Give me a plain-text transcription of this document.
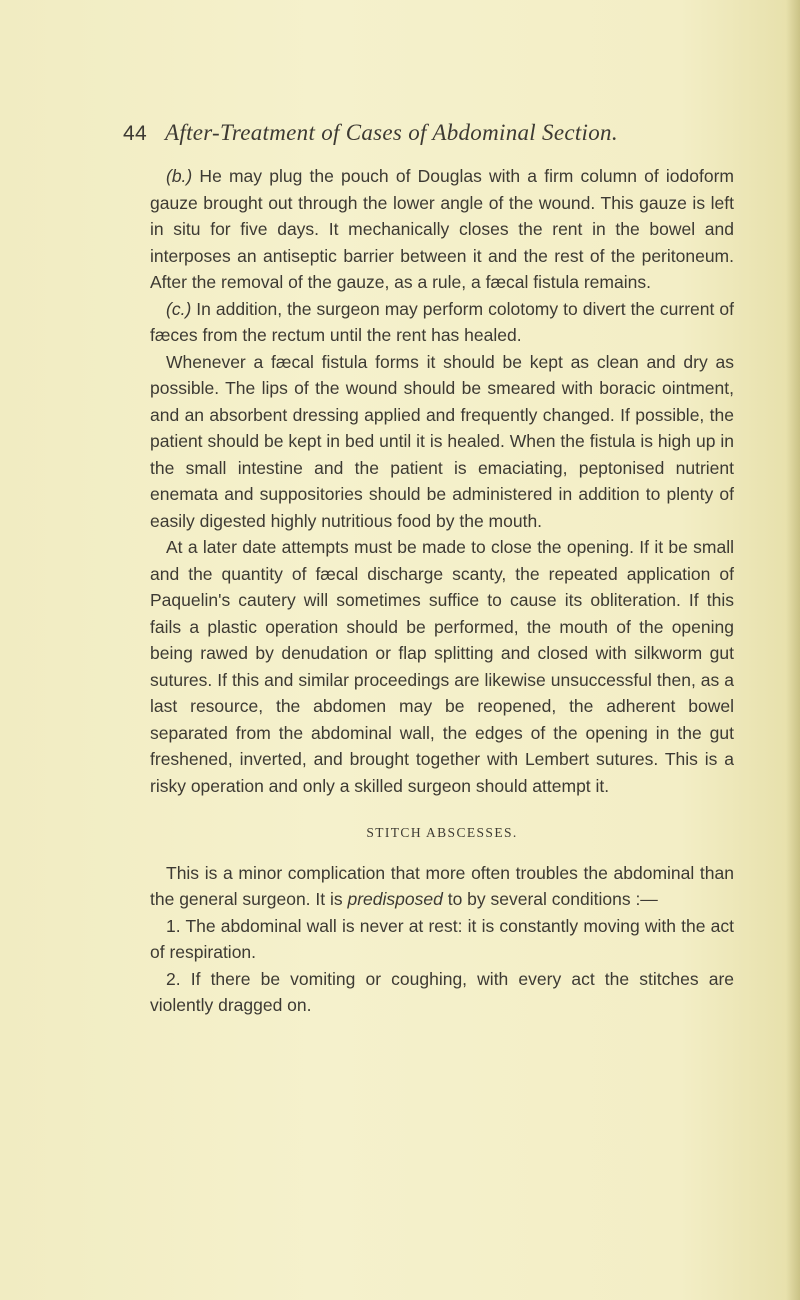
44 After-Treatment of Cases of Abdominal Section.

(b.) He may plug the pouch of Douglas with a firm column of iodoform gauze brought out through the lower angle of the wound. This gauze is left in situ for five days. It mechanically closes the rent in the bowel and interposes an antiseptic barrier between it and the rest of the peritoneum. After the removal of the gauze, as a rule, a fæcal fistula remains.

(c.) In addition, the surgeon may perform colotomy to divert the current of fæces from the rectum until the rent has healed.

Whenever a fæcal fistula forms it should be kept as clean and dry as possible. The lips of the wound should be smeared with boracic ointment, and an absorbent dressing applied and frequently changed. If possible, the patient should be kept in bed until it is healed. When the fistula is high up in the small intestine and the patient is emaciating, peptonised nutrient enemata and suppositories should be administered in addition to plenty of easily digested highly nutritious food by the mouth.

At a later date attempts must be made to close the opening. If it be small and the quantity of fæcal discharge scanty, the repeated application of Paquelin's cautery will sometimes suffice to cause its obliteration. If this fails a plastic operation should be performed, the mouth of the opening being rawed by denudation or flap splitting and closed with silkworm gut sutures. If this and similar proceedings are likewise unsuccessful then, as a last resource, the abdomen may be reopened, the adherent bowel separated from the abdominal wall, the edges of the opening in the gut freshened, inverted, and brought together with Lembert sutures. This is a risky operation and only a skilled surgeon should attempt it.

STITCH ABSCESSES.

This is a minor complication that more often troubles the abdominal than the general surgeon. It is predisposed to by several conditions :—

1. The abdominal wall is never at rest: it is constantly moving with the act of respiration.

2. If there be vomiting or coughing, with every act the stitches are violently dragged on.
